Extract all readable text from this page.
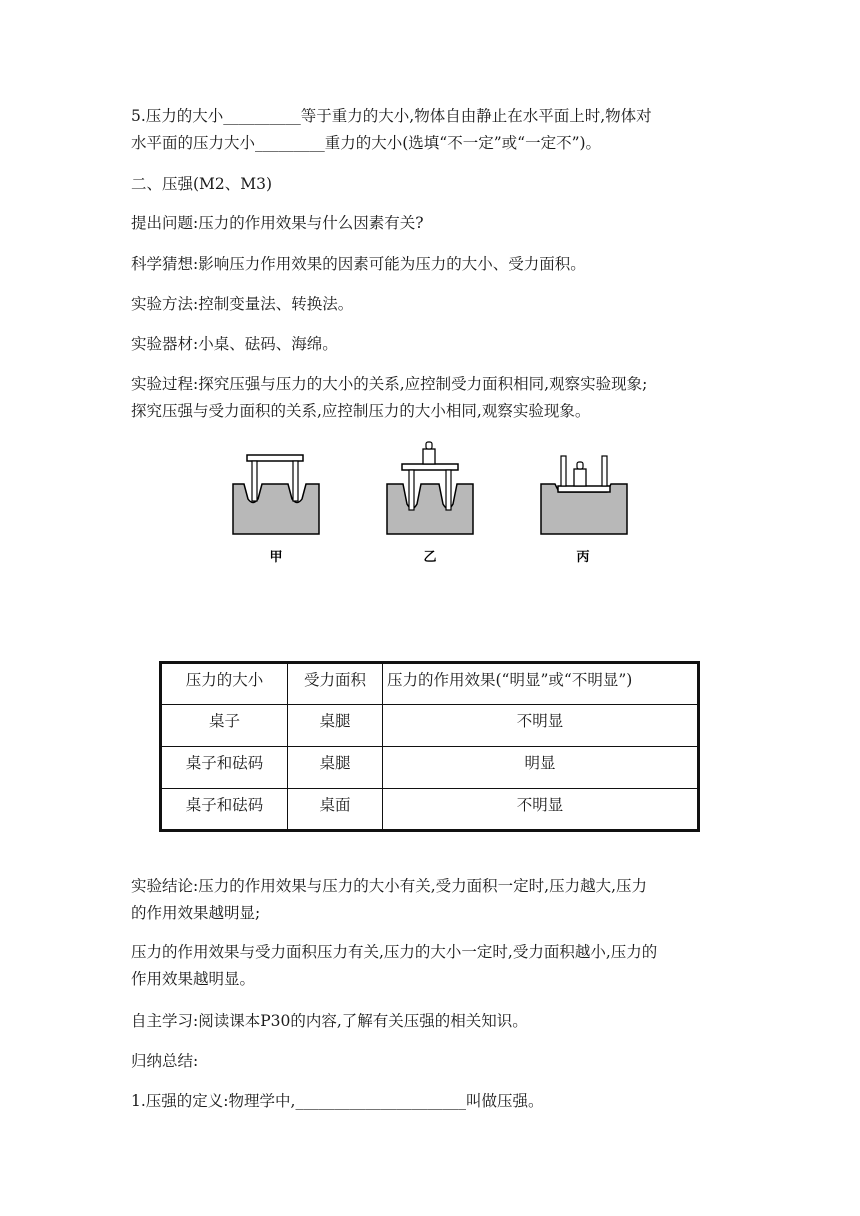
5.压力的大小__________等于重力的大小,物体自由静止在水平面上时,物体对
水平面的压力大小_________重力的大小(选填“不一定”或“一定不”)。
二、压强(M2、M3)
提出问题:压力的作用效果与什么因素有关?
科学猜想:影响压力作用效果的因素可能为压力的大小、受力面积。
实验方法:控制变量法、转换法。
实验器材:小桌、砝码、海绵。
实验过程:探究压强与压力的大小的关系,应控制受力面积相同,观察实验现象;
探究压强与受力面积的关系,应控制压力的大小相同,观察实验现象。
甲	乙	丙
压力的大小	受力面积	压力的作用效果(“明显”或“不明显”)
桌子	桌腿	不明显
桌子和砝码	桌腿	明显
桌子和砝码	桌面	不明显
实验结论:压力的作用效果与压力的大小有关,受力面积一定时,压力越大,压力
的作用效果越明显;
压力的作用效果与受力面积压力有关,压力的大小一定时,受力面积越小,压力的
作用效果越明显。
自主学习:阅读课本P30的内容,了解有关压强的相关知识。
归纳总结:
1.压强的定义:物理学中,______________________叫做压强。
